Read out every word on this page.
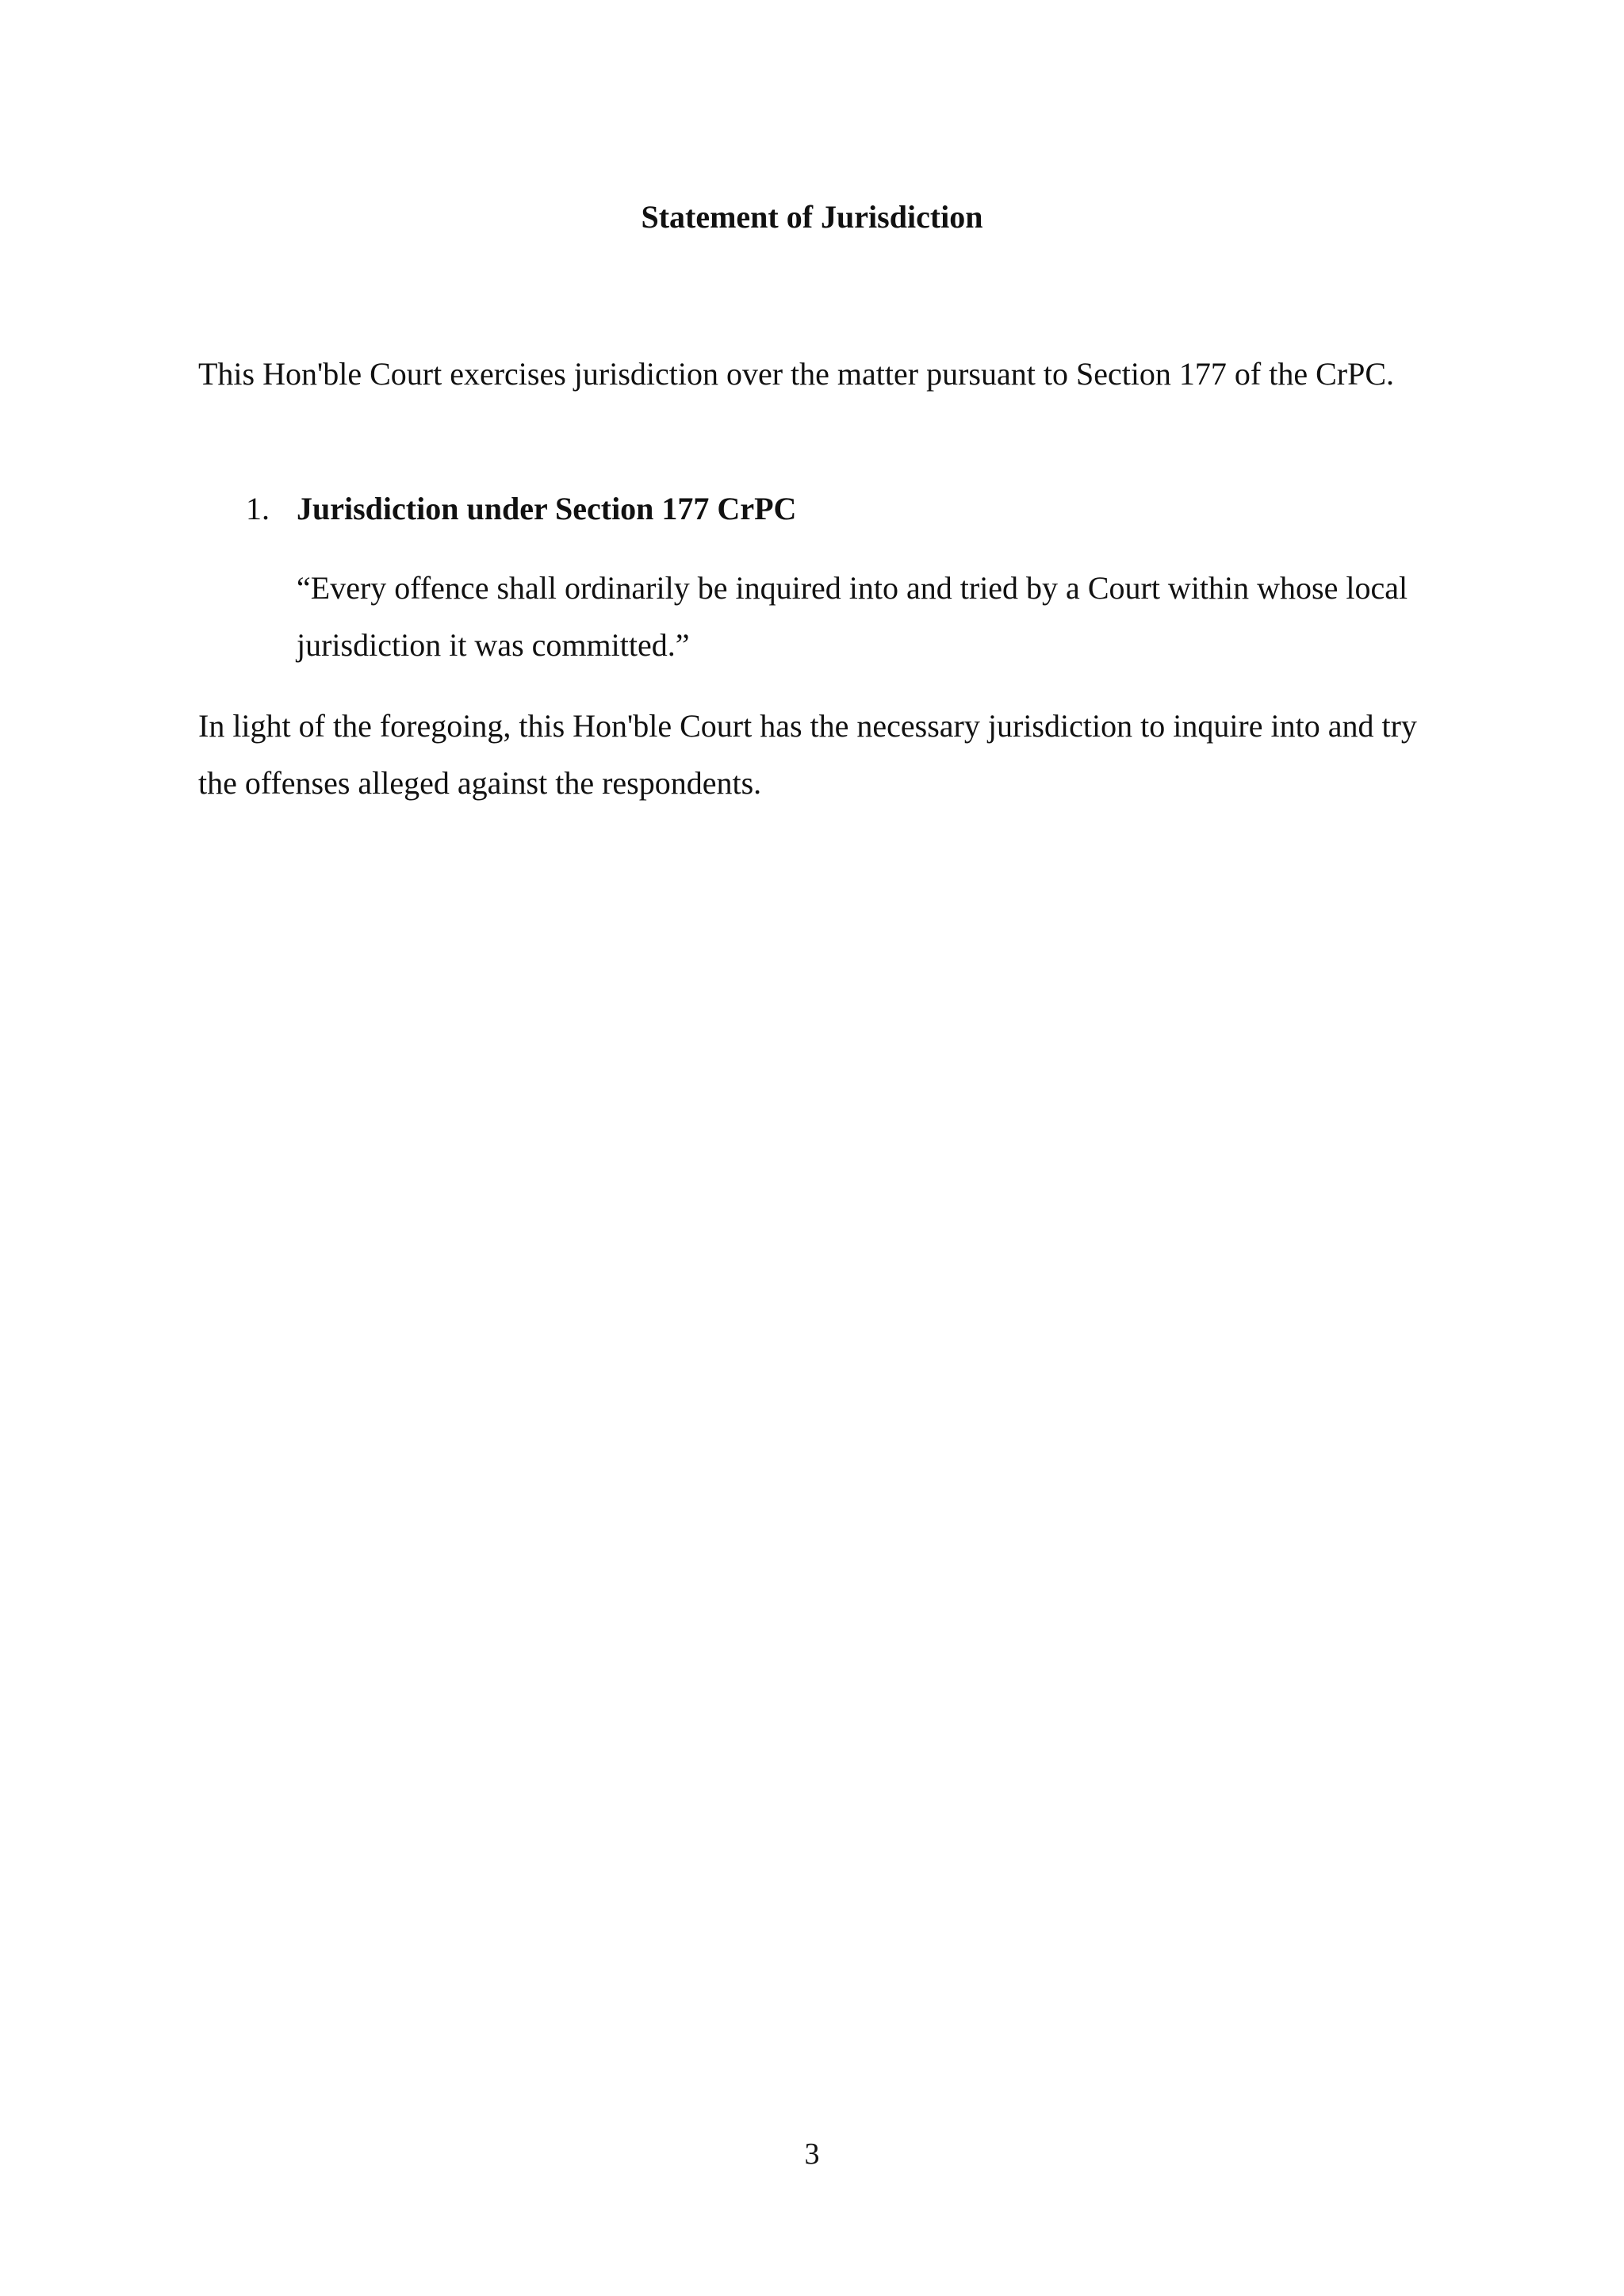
Statement of Jurisdiction

This Hon'ble Court exercises jurisdiction over the matter pursuant to Section 177 of the CrPC.

1. Jurisdiction under Section 177 CrPC

“Every offence shall ordinarily be inquired into and tried by a Court within whose local jurisdiction it was committed.”

In light of the foregoing, this Hon'ble Court has the necessary jurisdiction to inquire into and try the offenses alleged against the respondents.

3
